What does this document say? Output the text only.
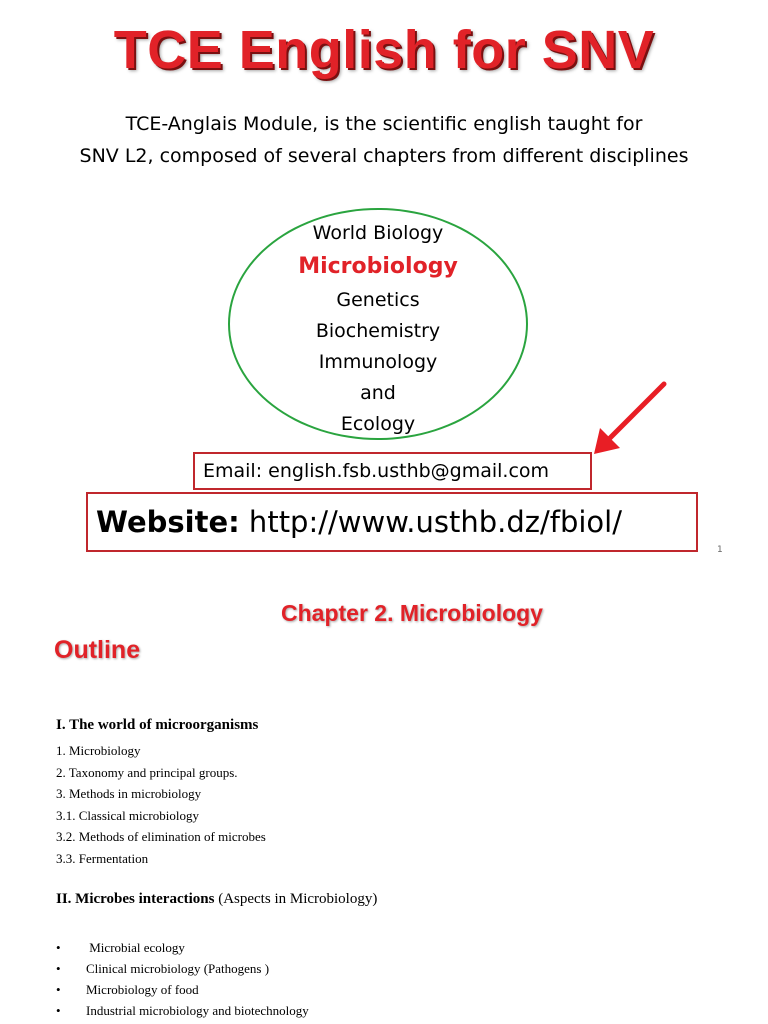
TCE English for SNV
TCE-Anglais Module, is the scientific english taught for
SNV L2, composed of several chapters from different disciplines
World Biology
Microbiology
Genetics
Biochemistry
Immunology
and
Ecology
Email: english.fsb.usthb@gmail.com
Website: http://www.usthb.dz/fbiol/
1
Chapter 2. Microbiology
Outline
I. The world of microorganisms
1. Microbiology
2. Taxonomy and principal groups.
3. Methods in microbiology
3.1. Classical microbiology
3.2. Methods of elimination of microbes
3.3. Fermentation
II. Microbes interactions (Aspects in Microbiology)
•	Microbial ecology
•	Clinical microbiology (Pathogens )
•	Microbiology of food
•	Industrial microbiology and biotechnology
